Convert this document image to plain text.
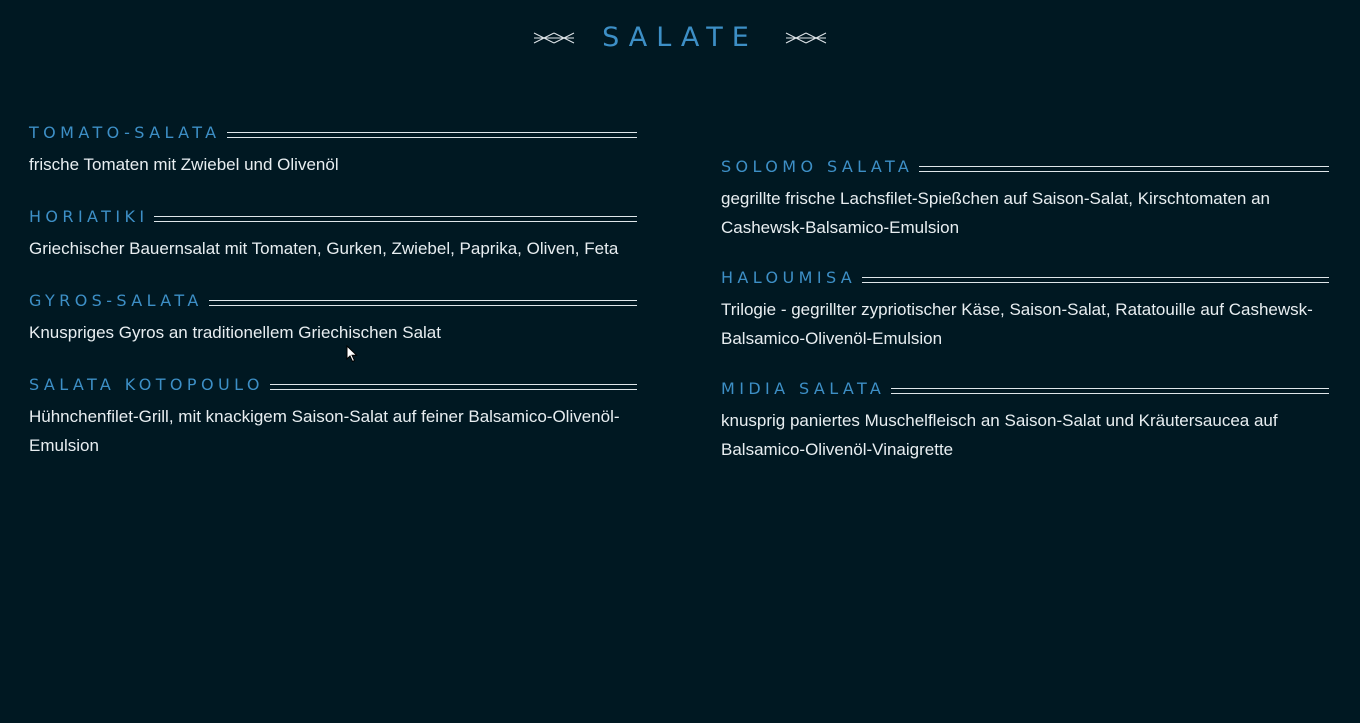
SALATE
TOMATO-SALATA
frische Tomaten mit Zwiebel und Olivenöl
HORIATIKI
Griechischer Bauernsalat mit Tomaten, Gurken, Zwiebel, Paprika, Oliven, Feta
GYROS-SALATA
Knuspriges Gyros an traditionellem Griechischen Salat
SALATA KOTOPOULO
Hühnchenfilet-Grill, mit knackigem Saison-Salat auf feiner Balsamico-Olivenöl-Emulsion
SOLOMO SALATA
gegrillte frische Lachsfilet-Spießchen auf Saison-Salat, Kirschtomaten an Cashewsk-Balsamico-Emulsion
HALOUMISA
Trilogie - gegrillter zypriotischer Käse, Saison-Salat, Ratatouille auf Cashewsk-Balsamico-Olivenöl-Emulsion
MIDIA SALATA
knusprig paniertes Muschelfleisch an Saison-Salat und Kräutersaucea auf Balsamico-Olivenöl-Vinaigrette
